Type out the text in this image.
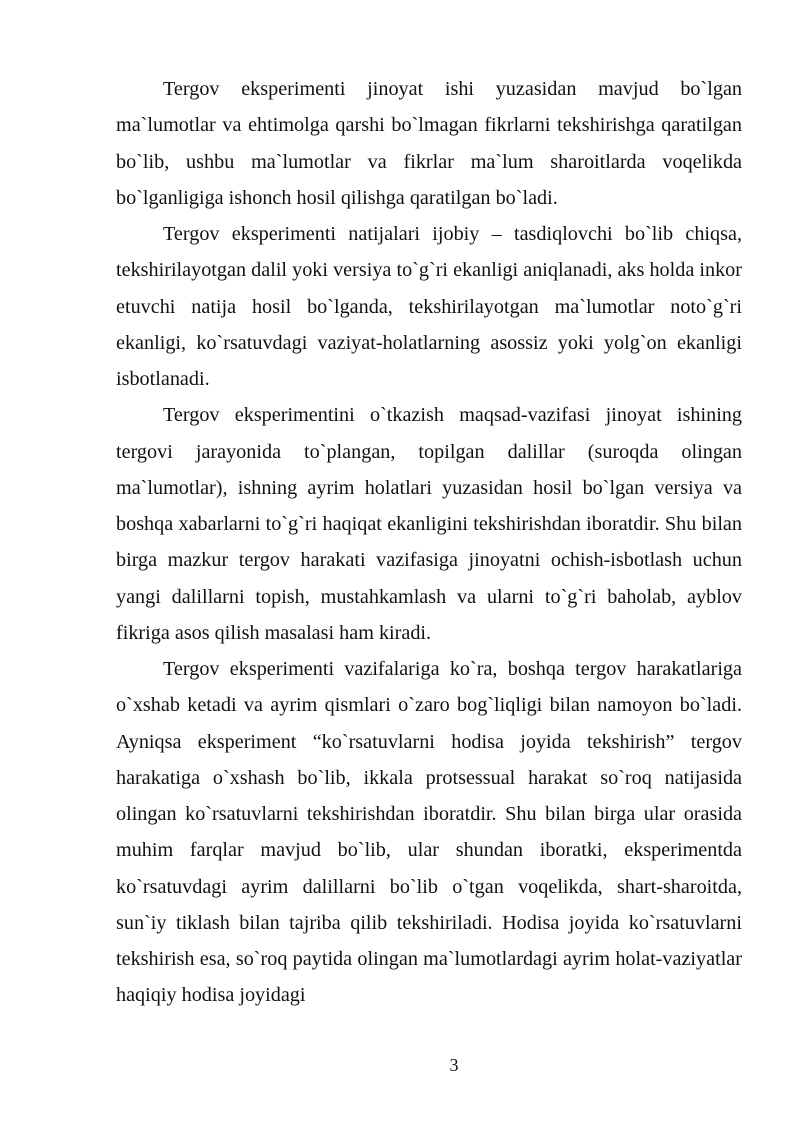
Tergov eksperimenti jinoyat ishi yuzasidan mavjud bo`lgan ma`lumotlar va ehtimolga qarshi bo`lmagan fikrlarni tekshirishga qaratilgan bo`lib, ushbu ma`lumotlar va fikrlar ma`lum sharoitlarda voqelikda bo`lganligiga ishonch hosil qilishga qaratilgan bo`ladi.

Tergov eksperimenti natijalari ijobiy – tasdiqlovchi bo`lib chiqsa, tekshirilayotgan dalil yoki versiya to`g`ri ekanligi aniqlanadi, aks holda inkor etuvchi natija hosil bo`lganda, tekshirilayotgan ma`lumotlar noto`g`ri ekanligi, ko`rsatuvdagi vaziyat-holatlarning asossiz yoki yolg`on ekanligi isbotlanadi.

Tergov eksperimentini o`tkazish maqsad-vazifasi jinoyat ishining tergovi jarayonida to`plangan, topilgan dalillar (suroqda olingan ma`lumotlar), ishning ayrim holatlari yuzasidan hosil bo`lgan versiya va boshqa xabarlarni to`g`ri haqiqat ekanligini tekshirishdan iboratdir. Shu bilan birga mazkur tergov harakati vazifasiga jinoyatni ochish-isbotlash uchun yangi dalillarni topish, mustahkamlash va ularni to`g`ri baholab, ayblov fikriga asos qilish masalasi ham kiradi.

Tergov eksperimenti vazifalariga ko`ra, boshqa tergov harakatlariga o`xshab ketadi va ayrim qismlari o`zaro bog`liqligi bilan namoyon bo`ladi. Ayniqsa eksperiment “ko`rsatuvlarni hodisa joyida tekshirish” tergov harakatiga o`xshash bo`lib, ikkala protsessual harakat so`roq natijasida olingan ko`rsatuvlarni tekshirishdan iboratdir. Shu bilan birga ular orasida muhim farqlar mavjud bo`lib, ular shundan iboratki, eksperimentda ko`rsatuvdagi ayrim dalillarni bo`lib o`tgan voqelikda, shart-sharoitda, sun`iy tiklash bilan tajriba qilib tekshiriladi. Hodisa joyida ko`rsatuvlarni tekshirish esa, so`roq paytida olingan ma`lumotlardagi ayrim holat-vaziyatlar haqiqiy hodisa joyidagi

3
